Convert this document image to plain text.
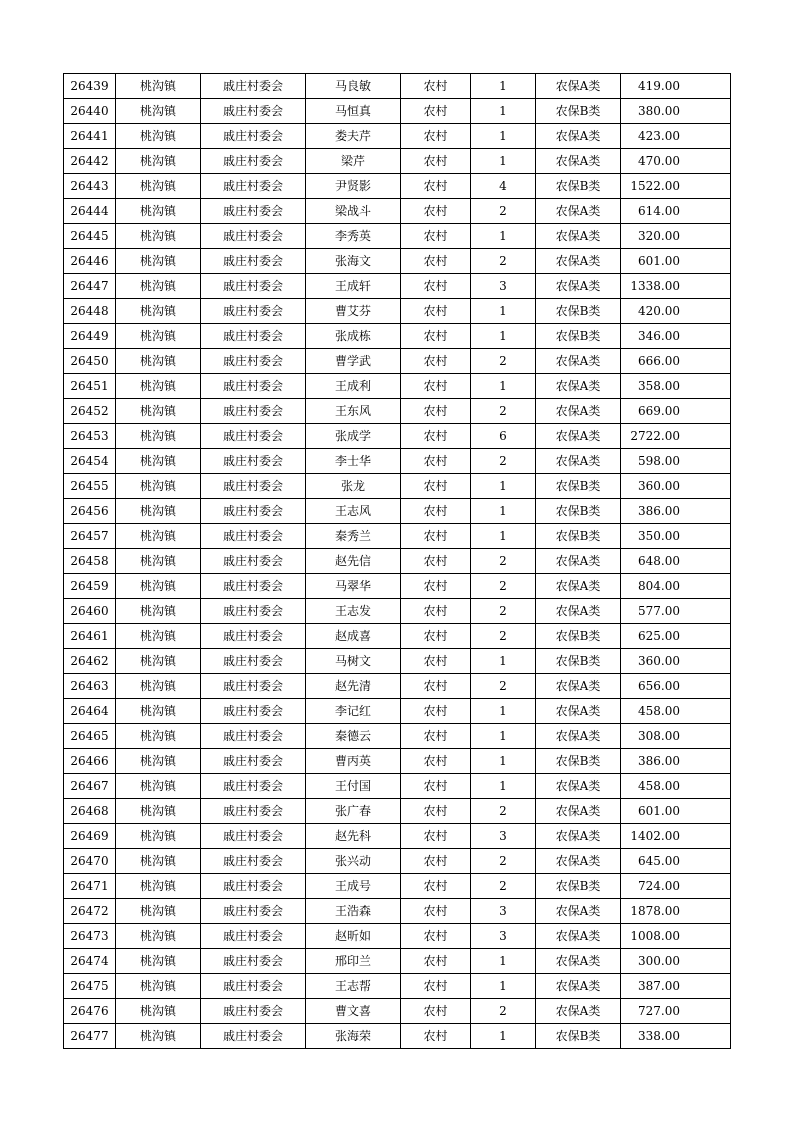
26439	桃沟镇	戚庄村委会	马良敏	农村	1	农保A类	419.00
26440	桃沟镇	戚庄村委会	马恒真	农村	1	农保B类	380.00
26441	桃沟镇	戚庄村委会	娄夫芹	农村	1	农保A类	423.00
26442	桃沟镇	戚庄村委会	梁芹	农村	1	农保A类	470.00
26443	桃沟镇	戚庄村委会	尹贤影	农村	4	农保B类	1522.00
26444	桃沟镇	戚庄村委会	梁战斗	农村	2	农保A类	614.00
26445	桃沟镇	戚庄村委会	李秀英	农村	1	农保A类	320.00
26446	桃沟镇	戚庄村委会	张海文	农村	2	农保A类	601.00
26447	桃沟镇	戚庄村委会	王成轩	农村	3	农保A类	1338.00
26448	桃沟镇	戚庄村委会	曹艾芬	农村	1	农保B类	420.00
26449	桃沟镇	戚庄村委会	张成栋	农村	1	农保B类	346.00
26450	桃沟镇	戚庄村委会	曹学武	农村	2	农保A类	666.00
26451	桃沟镇	戚庄村委会	王成利	农村	1	农保A类	358.00
26452	桃沟镇	戚庄村委会	王东风	农村	2	农保A类	669.00
26453	桃沟镇	戚庄村委会	张成学	农村	6	农保A类	2722.00
26454	桃沟镇	戚庄村委会	李士华	农村	2	农保A类	598.00
26455	桃沟镇	戚庄村委会	张龙	农村	1	农保B类	360.00
26456	桃沟镇	戚庄村委会	王志风	农村	1	农保B类	386.00
26457	桃沟镇	戚庄村委会	秦秀兰	农村	1	农保B类	350.00
26458	桃沟镇	戚庄村委会	赵先信	农村	2	农保A类	648.00
26459	桃沟镇	戚庄村委会	马翠华	农村	2	农保A类	804.00
26460	桃沟镇	戚庄村委会	王志发	农村	2	农保A类	577.00
26461	桃沟镇	戚庄村委会	赵成喜	农村	2	农保B类	625.00
26462	桃沟镇	戚庄村委会	马树文	农村	1	农保B类	360.00
26463	桃沟镇	戚庄村委会	赵先清	农村	2	农保A类	656.00
26464	桃沟镇	戚庄村委会	李记红	农村	1	农保A类	458.00
26465	桃沟镇	戚庄村委会	秦德云	农村	1	农保A类	308.00
26466	桃沟镇	戚庄村委会	曹丙英	农村	1	农保B类	386.00
26467	桃沟镇	戚庄村委会	王付国	农村	1	农保A类	458.00
26468	桃沟镇	戚庄村委会	张广春	农村	2	农保A类	601.00
26469	桃沟镇	戚庄村委会	赵先科	农村	3	农保A类	1402.00
26470	桃沟镇	戚庄村委会	张兴动	农村	2	农保A类	645.00
26471	桃沟镇	戚庄村委会	王成号	农村	2	农保B类	724.00
26472	桃沟镇	戚庄村委会	王浩森	农村	3	农保A类	1878.00
26473	桃沟镇	戚庄村委会	赵昕如	农村	3	农保A类	1008.00
26474	桃沟镇	戚庄村委会	邢印兰	农村	1	农保A类	300.00
26475	桃沟镇	戚庄村委会	王志帮	农村	1	农保A类	387.00
26476	桃沟镇	戚庄村委会	曹文喜	农村	2	农保A类	727.00
26477	桃沟镇	戚庄村委会	张海荣	农村	1	农保B类	338.00
